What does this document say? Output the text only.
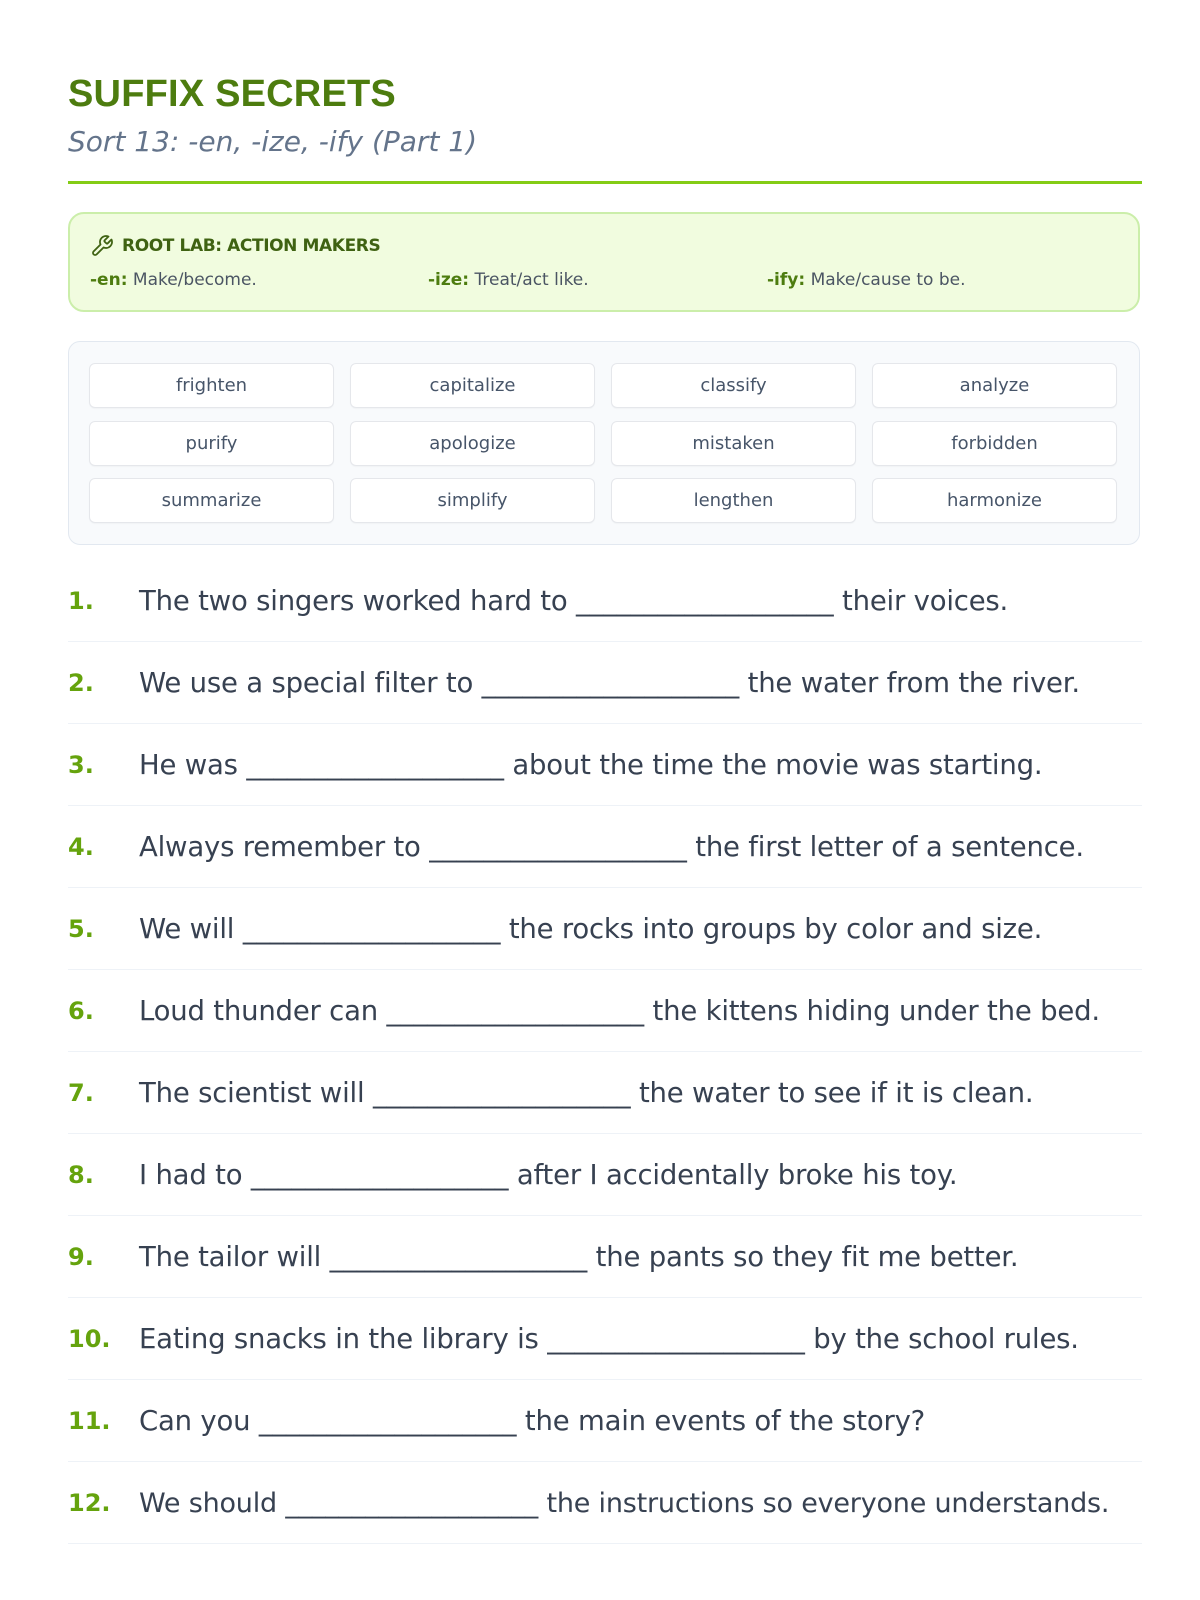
SUFFIX SECRETS
Sort 13: -en, -ize, -ify (Part 1)
ROOT LAB: ACTION MAKERS
-en: Make/become.	-ize: Treat/act like.	-ify: Make/cause to be.
frighten	capitalize	classify	analyze
purify	apologize	mistaken	forbidden
summarize	simplify	lengthen	harmonize
1. The two singers worked hard to
___________________
their voices.
2. We use a special filter to
___________________
the water from the river.
3. He was
___________________
about the time the movie was starting.
4. Always remember to
___________________
the first letter of a sentence.
5. We will
___________________
the rocks into groups by color and size.
6. Loud thunder can
___________________
the kittens hiding under the bed.
7. The scientist will
___________________
the water to see if it is clean.
8. I had to
___________________
after I accidentally broke his toy.
9. The tailor will
___________________
the pants so they fit me better.
10. Eating snacks in the library is
___________________
by the school rules.
11. Can you
___________________
the main events of the story?
12. We should
___________________
the instructions so everyone understands.
